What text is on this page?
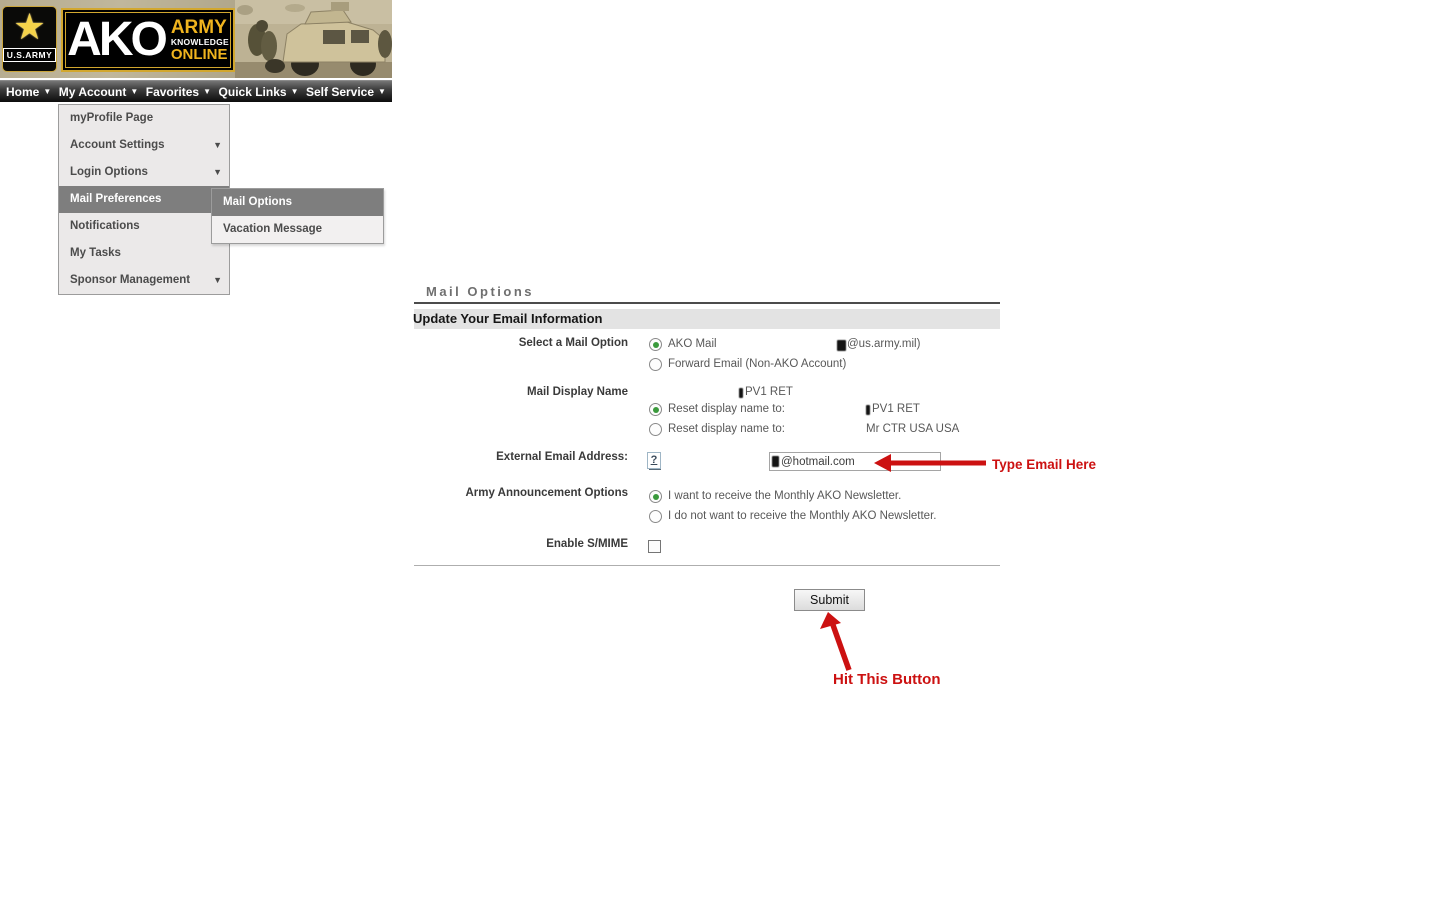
★
U.S.ARMY AKO ARMY
KNOWLEDGE
ONLINE
Home ▼ My Account ▼ Favorites ▼ Quick Links ▼ Self Service ▼
myProfile Page
Account Settings	▼
Login Options	▼
Mail Preferences
Notifications
My Tasks
Sponsor Management	▼
Mail Options
Vacation Message
Mail Options
Update Your Email Information
Select a Mail Option	AKO Mail	@us.army.mil)
Forward Email (Non-AKO Account)
Mail Display Name	PV1 RET
Reset display name to:	PV1 RET
Reset display name to:	Mr CTR USA USA
External Email Address:	?
@hotmail.com	Type Email Here
Army Announcement Options	I want to receive the Monthly AKO Newsletter.
I do not want to receive the Monthly AKO Newsletter.
Enable S/MIME
Submit
Hit This Button
